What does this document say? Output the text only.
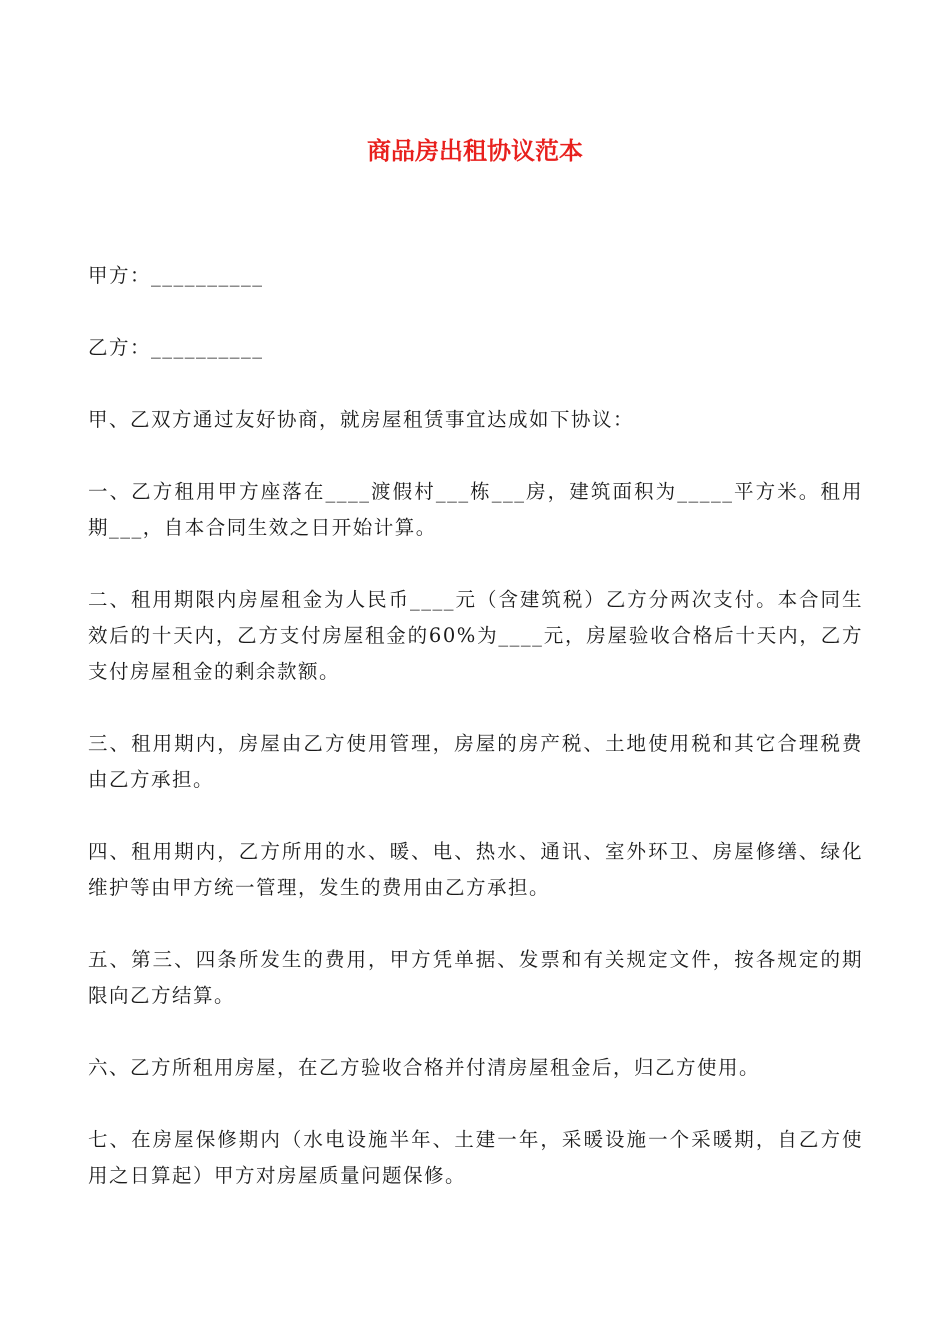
商品房出租协议范本

甲方：__________

乙方：__________

甲、乙双方通过友好协商，就房屋租赁事宜达成如下协议：

一、乙方租用甲方座落在____渡假村___栋___房，建筑面积为_____平方米。租用期___，自本合同生效之日开始计算。

二、租用期限内房屋租金为人民币____元（含建筑税）乙方分两次支付。本合同生效后的十天内，乙方支付房屋租金的60%为____元，房屋验收合格后十天内，乙方支付房屋租金的剩余款额。

三、租用期内，房屋由乙方使用管理，房屋的房产税、土地使用税和其它合理税费由乙方承担。

四、租用期内，乙方所用的水、暖、电、热水、通讯、室外环卫、房屋修缮、绿化维护等由甲方统一管理，发生的费用由乙方承担。

五、第三、四条所发生的费用，甲方凭单据、发票和有关规定文件，按各规定的期限向乙方结算。

六、乙方所租用房屋，在乙方验收合格并付清房屋租金后，归乙方使用。

七、在房屋保修期内（水电设施半年、土建一年，采暖设施一个采暖期，自乙方使用之日算起）甲方对房屋质量问题保修。
